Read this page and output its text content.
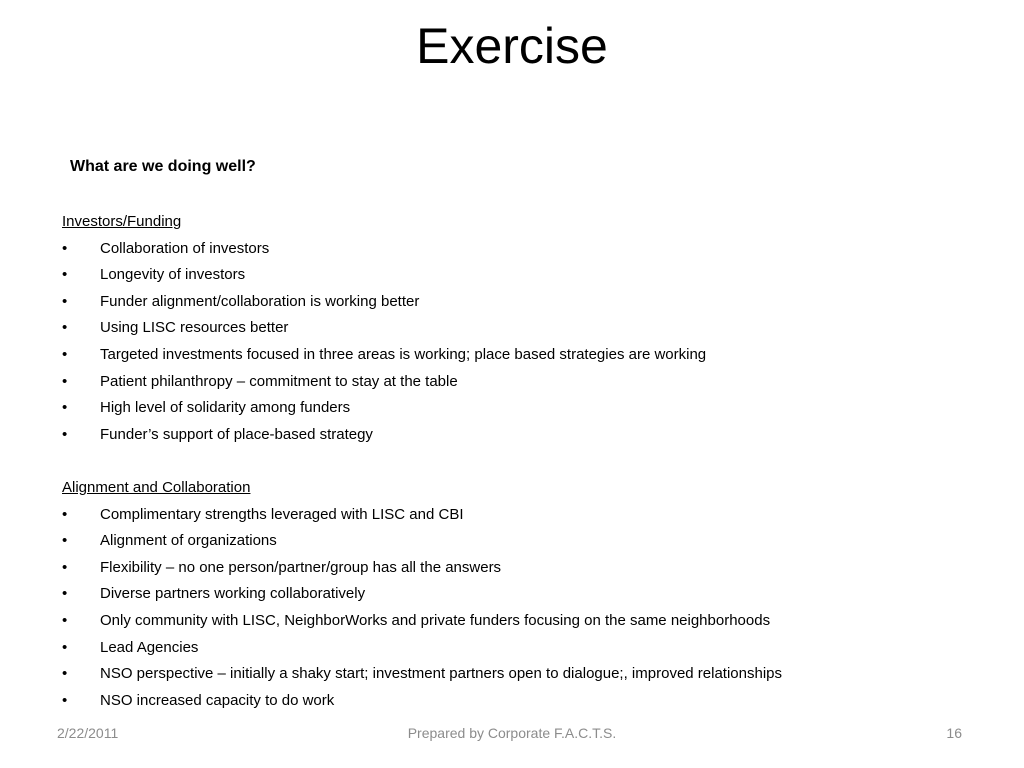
Exercise
What are we doing well?
Investors/Funding
• Collaboration of investors
• Longevity of investors
• Funder alignment/collaboration is working better
• Using LISC resources better
• Targeted investments focused in three areas is working; place based strategies are working
• Patient philanthropy – commitment to stay at the table
• High level of solidarity among funders
• Funder’s support of place-based strategy
Alignment and Collaboration
• Complimentary strengths leveraged with LISC and CBI
• Alignment of organizations
• Flexibility – no one person/partner/group has all the answers
• Diverse partners working collaboratively
• Only community with LISC, NeighborWorks and private funders focusing on the same neighborhoods
• Lead Agencies
• NSO perspective – initially a shaky start; investment partners open to dialogue;, improved relationships
• NSO increased capacity to do work
2/22/2011	Prepared by Corporate F.A.C.T.S.	16
